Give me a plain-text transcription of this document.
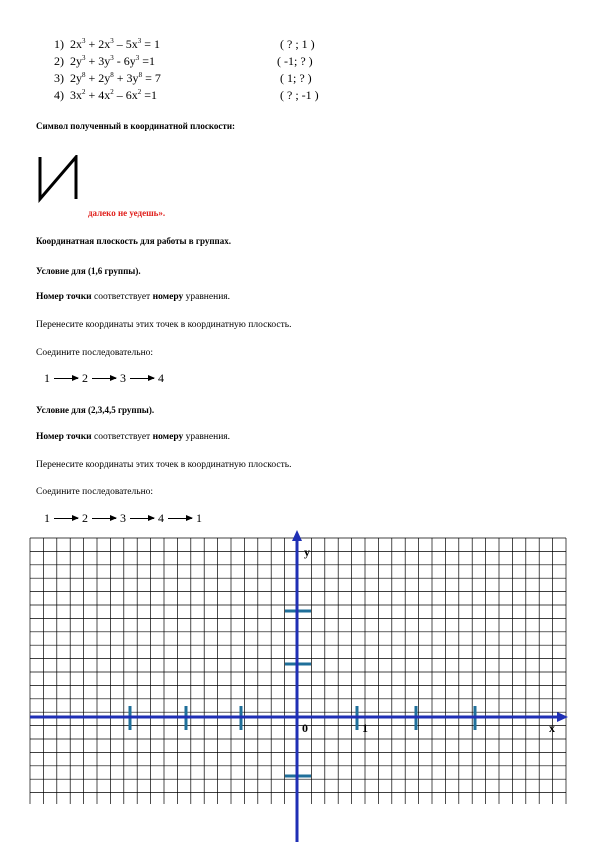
1) $2x^3 + 2x^3 - 5x^3 = 1$	( ? ; 1 )
2) $2y^3 + 3y^3 - 6y^3 =1$	( -1; ? )
3) $2y^8 + 2y^8 + 3y^8 = 7$	( 1; ? )
4) $3x^2 + 4x^2 - 6x^2 =1$	( ? ; -1 )
Символ полученный в координатной плоскости:
далеко не уедешь».
Координатная плоскость для работы в группах.
Условие для (1,6 группы).
Номер точки соответствует номеру уравнения.
Перенесите координаты этих точек в координатную плоскость.
Соедините последовательно:
1	2	3	4
Условие для (2,3,4,5 группы).
Номер точки соответствует номеру уравнения.
Перенесите координаты этих точек в координатную плоскость.
Соедините последовательно:
1	2	3	4	1
y
x
0	1
